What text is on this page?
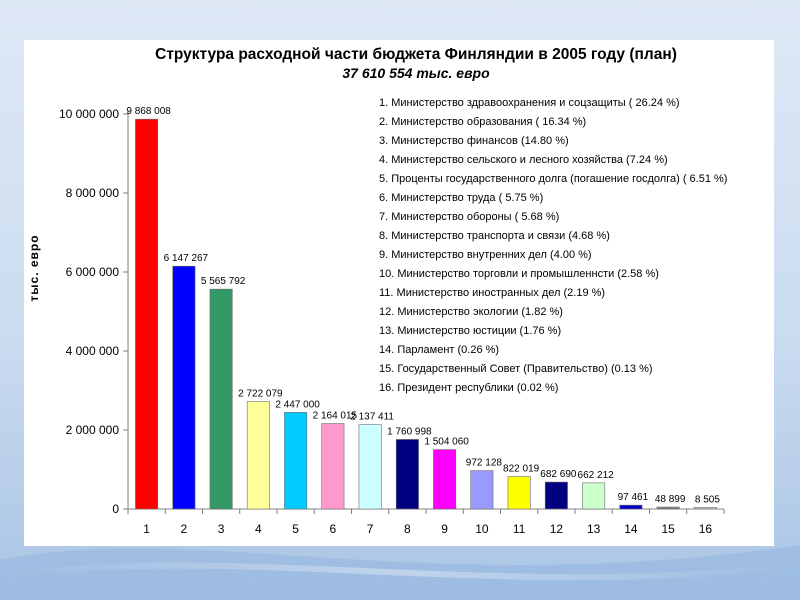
Структура расходной части бюджета Финляндии в 2005 году (план)
37 610 554 тыс. евро
тыс. евро
0
2 000 000
4 000 000
6 000 000
8 000 000
10 000 000 9 868 008
1
6 147 267
2
5 565 792
3
2 722 079
4
2 447 000
5
2 164 015
6
2 137 411
7
1 760 998
8
1 504 060
9
972 128
10
822 019
11
682 690
12
662 212
13
97 461
14
48 899
15
8 505
16
1. Министерство здравоохранения и соцзащиты ( 26.24 %)
2. Министерство образования ( 16.34 %)
3. Министерство финансов (14.80 %)
4. Министерство сельского и лесного хозяйства (7.24 %)
5. Проценты государственного долга (погашение госдолга) ( 6.51 %)
6. Министерство труда ( 5.75 %)
7. Министерство обороны ( 5.68 %)
8. Министерство транспорта и связи (4.68 %)
9. Министерство внутренних дел (4.00 %)
10. Министерство торговли и промышленнсти (2.58 %)
11. Министерство иностранных дел (2.19 %)
12. Министерство экологии (1.82 %)
13. Министерство юстиции (1.76 %)
14. Парламент (0.26 %)
15. Государственный Совет (Правительство) (0.13 %)
16. Президент республики (0.02 %)
